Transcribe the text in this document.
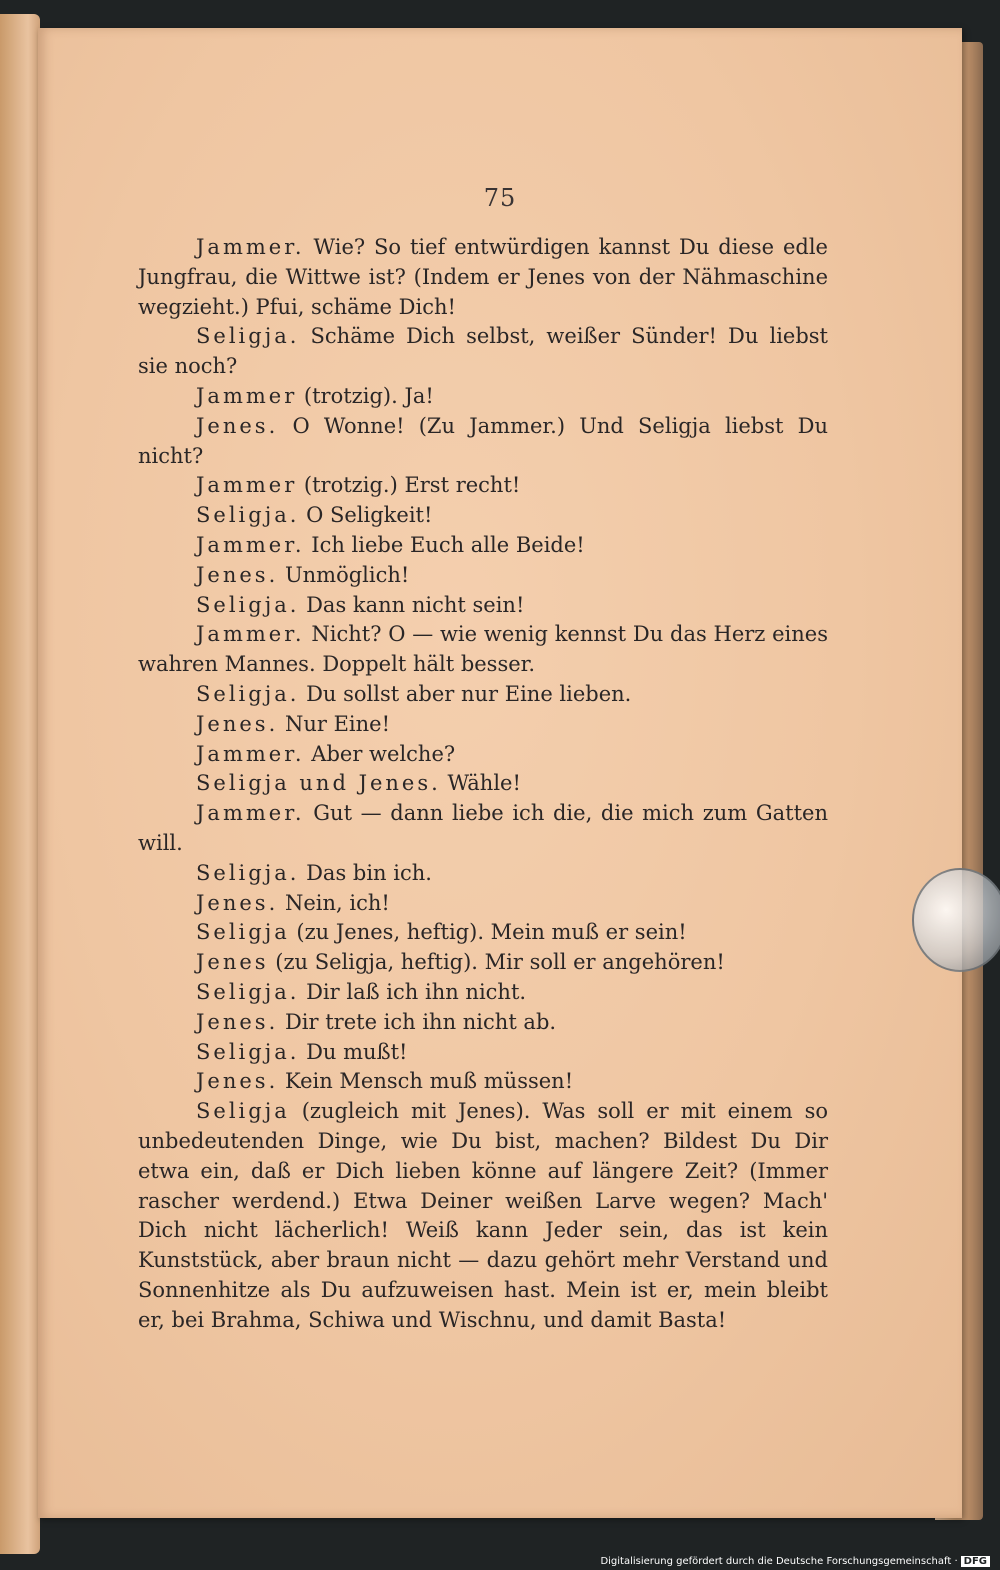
75

Jammer. Wie? So tief entwürdigen kannst Du diese edle Jungfrau, die Wittwe ist? (Indem er Jenes von der Nähmaschine wegzieht.) Pfui, schäme Dich!

Seligja. Schäme Dich selbst, weißer Sünder! Du liebst sie noch?

Jammer (trotzig). Ja!

Jenes. O Wonne! (Zu Jammer.) Und Seligja liebst Du nicht?

Jammer (trotzig.) Erst recht!

Seligja. O Seligkeit!

Jammer. Ich liebe Euch alle Beide!

Jenes. Unmöglich!

Seligja. Das kann nicht sein!

Jammer. Nicht? O — wie wenig kennst Du das Herz eines wahren Mannes. Doppelt hält besser.

Seligja. Du sollst aber nur Eine lieben.

Jenes. Nur Eine!

Jammer. Aber welche?

Seligja und Jenes. Wähle!

Jammer. Gut — dann liebe ich die, die mich zum Gatten will.

Seligja. Das bin ich.

Jenes. Nein, ich!

Seligja (zu Jenes, heftig). Mein muß er sein!

Jenes (zu Seligja, heftig). Mir soll er angehören!

Seligja. Dir laß ich ihn nicht.

Jenes. Dir trete ich ihn nicht ab.

Seligja. Du mußt!

Jenes. Kein Mensch muß müssen!

Seligja (zugleich mit Jenes). Was soll er mit einem so unbedeutenden Dinge, wie Du bist, machen? Bildest Du Dir etwa ein, daß er Dich lieben könne auf längere Zeit? (Immer rascher werdend.) Etwa Deiner weißen Larve wegen? Mach' Dich nicht lächerlich! Weiß kann Jeder sein, das ist kein Kunststück, aber braun nicht — dazu gehört mehr Verstand und Sonnenhitze als Du aufzuweisen hast. Mein ist er, mein bleibt er, bei Brahma, Schiwa und Wischnu, und damit Basta!

Digitalisierung gefördert durch die Deutsche Forschungsgemeinschaft · DFG
